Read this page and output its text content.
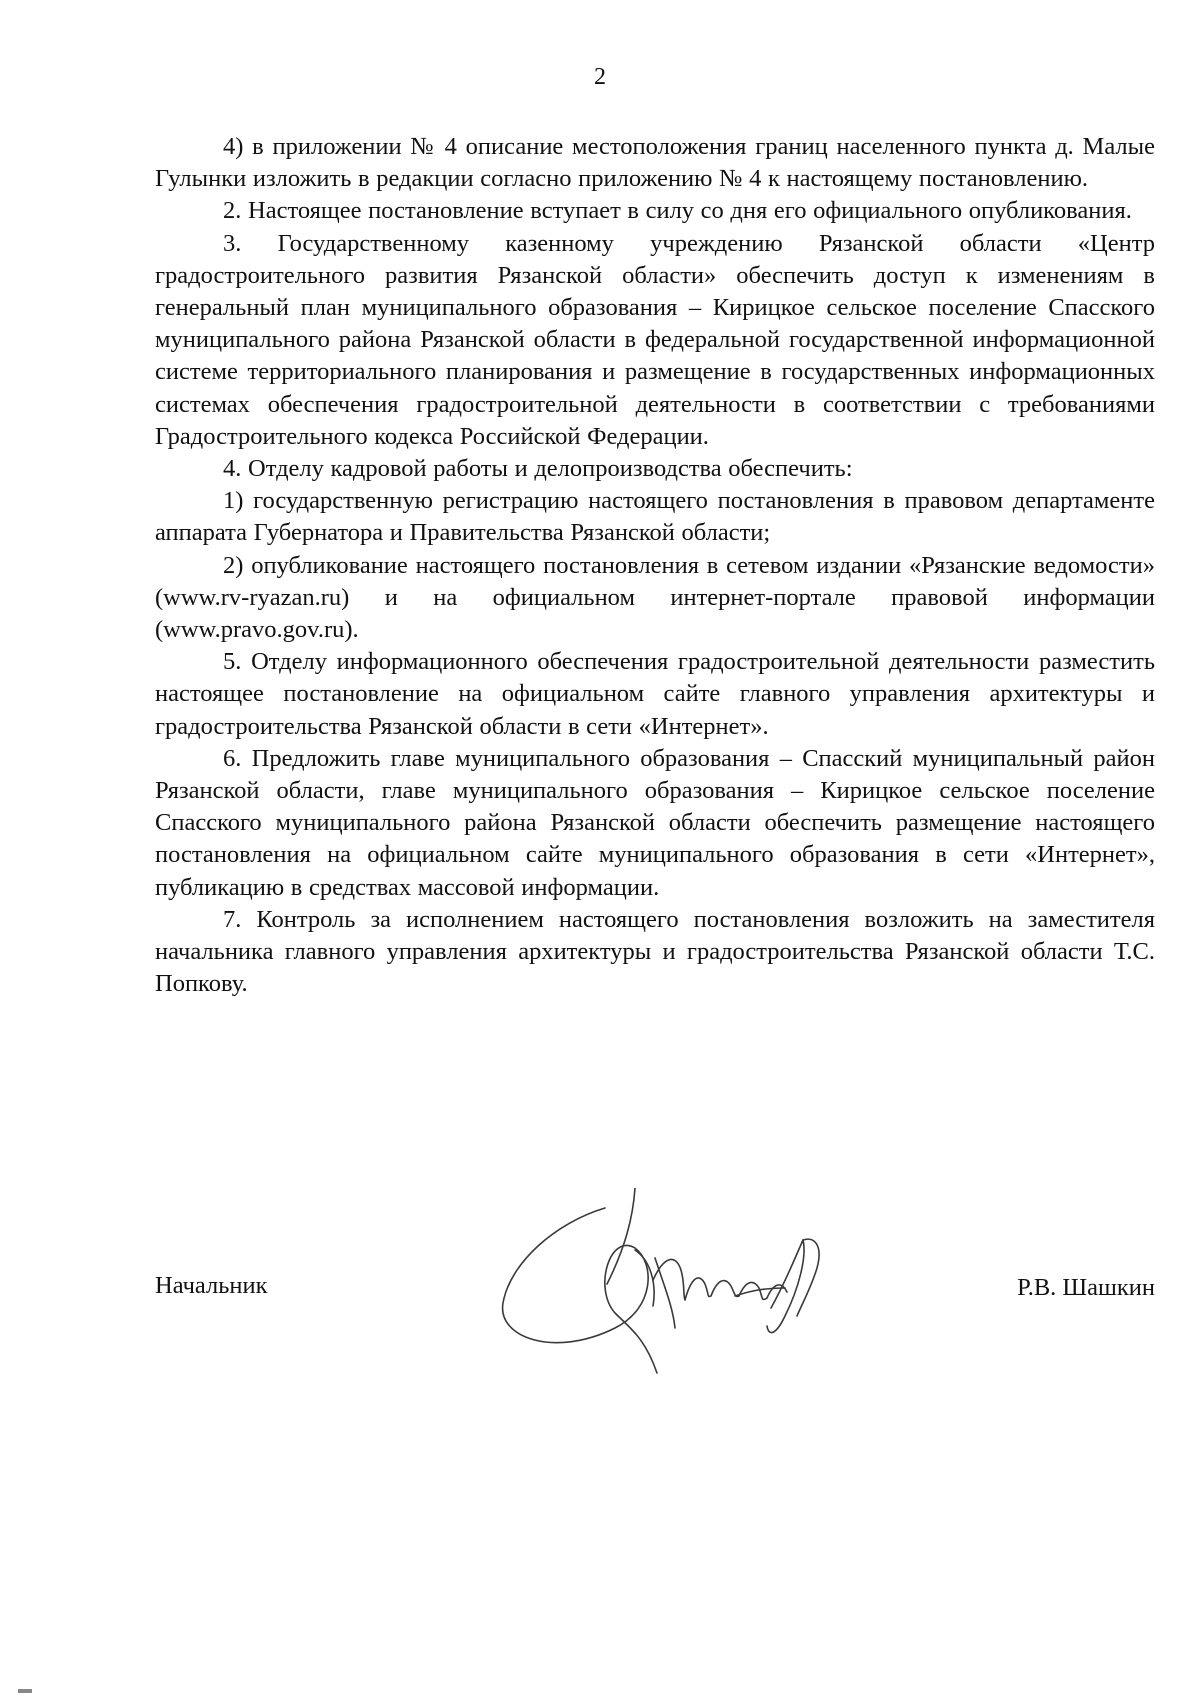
2

4) в приложении № 4 описание местоположения границ населенного пункта д. Малые Гулынки изложить в редакции согласно приложению № 4 к настоящему постановлению.

2. Настоящее постановление вступает в силу со дня его официального опубликования.

3. Государственному казенному учреждению Рязанской области «Центр градостроительного развития Рязанской области» обеспечить доступ к изменениям в генеральный план муниципального образования – Кирицкое сельское поселение Спасского муниципального района Рязанской области в федеральной государственной информационной системе территориального планирования и размещение в государственных информационных системах обеспечения градостроительной деятельности в соответствии с требованиями Градостроительного кодекса Российской Федерации.

4. Отделу кадровой работы и делопроизводства обеспечить:

1) государственную регистрацию настоящего постановления в правовом департаменте аппарата Губернатора и Правительства Рязанской области;

2) опубликование настоящего постановления в сетевом издании «Рязанские ведомости» (www.rv-ryazan.ru) и на официальном интернет-портале правовой информации (www.pravo.gov.ru).

5. Отделу информационного обеспечения градостроительной деятельности разместить настоящее постановление на официальном сайте главного управления архитектуры и градостроительства Рязанской области в сети «Интернет».

6. Предложить главе муниципального образования – Спасский муниципальный район Рязанской области, главе муниципального образования – Кирицкое сельское поселение Спасского муниципального района Рязанской области обеспечить размещение настоящего постановления на официальном сайте муниципального образования в сети «Интернет», публикацию в средствах массовой информации.

7. Контроль за исполнением настоящего постановления возложить на заместителя начальника главного управления архитектуры и градостроительства Рязанской области Т.С. Попкову.

Начальник	Р.В. Шашкин
